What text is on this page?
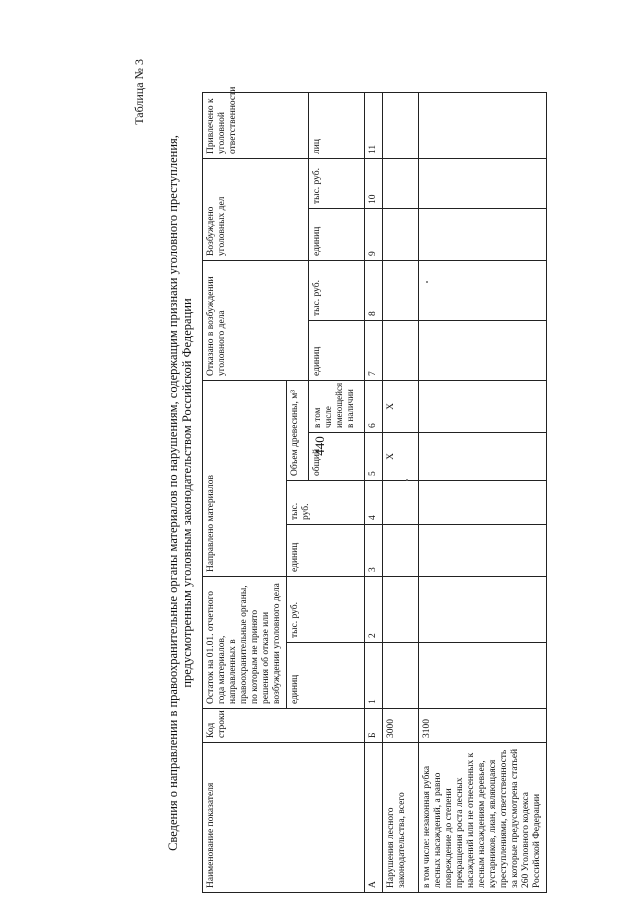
440
Таблица № 3
Сведения о направлении в правоохранительные органы материалов по нарушениям, содержащим признаки уголовного преступления, предусмотренным уголовным законодательством Российской Федерации
Наименование показателя	Код строки	Остаток на 01.01. отчетного года материалов, направленных в правоохранительные органы, по которым не принято решения об отказе или возбуждении уголовного дела		Направлено материалов				Отказано в возбуждении уголовного дела		Возбуждено уголовных дел		Привлечено к уголовной ответственности
		единиц	тыс. руб.	единиц	тыс. руб.	Объем древесины, м³						
						общий	в том числе имеющейся в наличии	единиц	тыс. руб.	единиц	тыс. руб.	лиц
А	Б	1	2	3	4	5	6	7	8	9	10	11
Нарушения лесного законодательства, всего	3000					Х	Х					
в том числе: незаконная рубка лесных насаждений, а равно повреждение до степени прекращения роста лесных насаждений или не отнесенных к лесным насаждениям деревьев, кустарников, лиан, являющаяся преступлениями, ответственность за которые предусмотрена статьей 260 Уголовного кодекса Российской Федерации	3100											
